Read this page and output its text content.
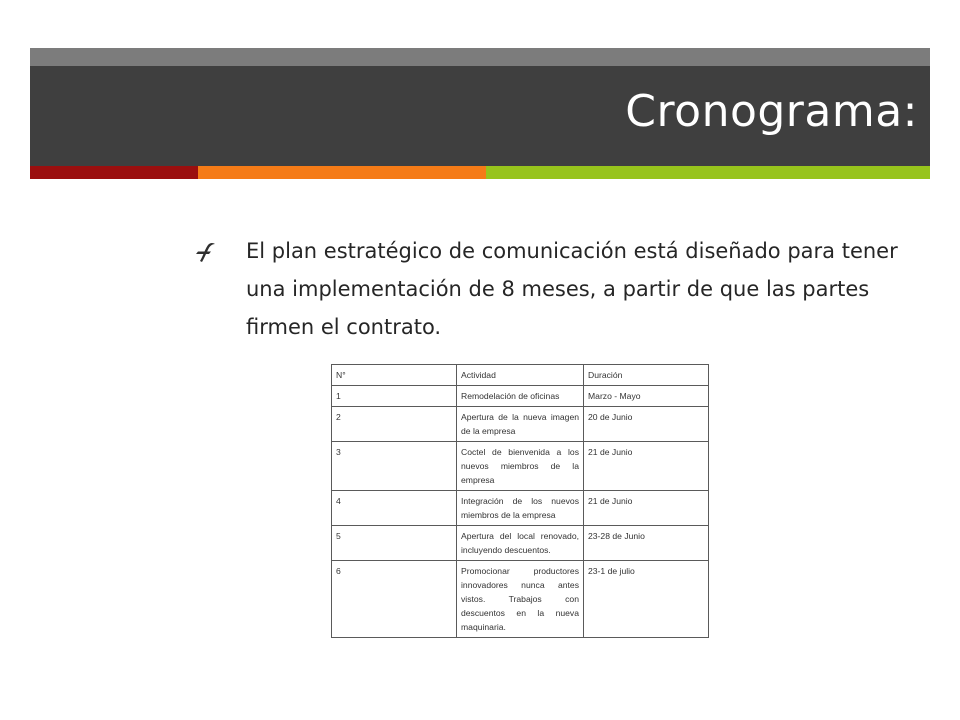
Cronograma:
El plan estratégico de comunicación está diseñado para tener una implementación de 8 meses, a partir de que las partes firmen el contrato.
N°	Actividad	Duración
1	Remodelación de oficinas	Marzo - Mayo
2	Apertura de la nueva imagen de la empresa	20 de Junio
3	Coctel de bienvenida a los nuevos miembros de la empresa	21 de Junio
4	Integración de los nuevos miembros de la empresa	21 de Junio
5	Apertura del local renovado, incluyendo descuentos.	23-28 de Junio
6	Promocionar productores innovadores nunca antes vistos. Trabajos con descuentos en la nueva maquinaria.	23-1 de julio
